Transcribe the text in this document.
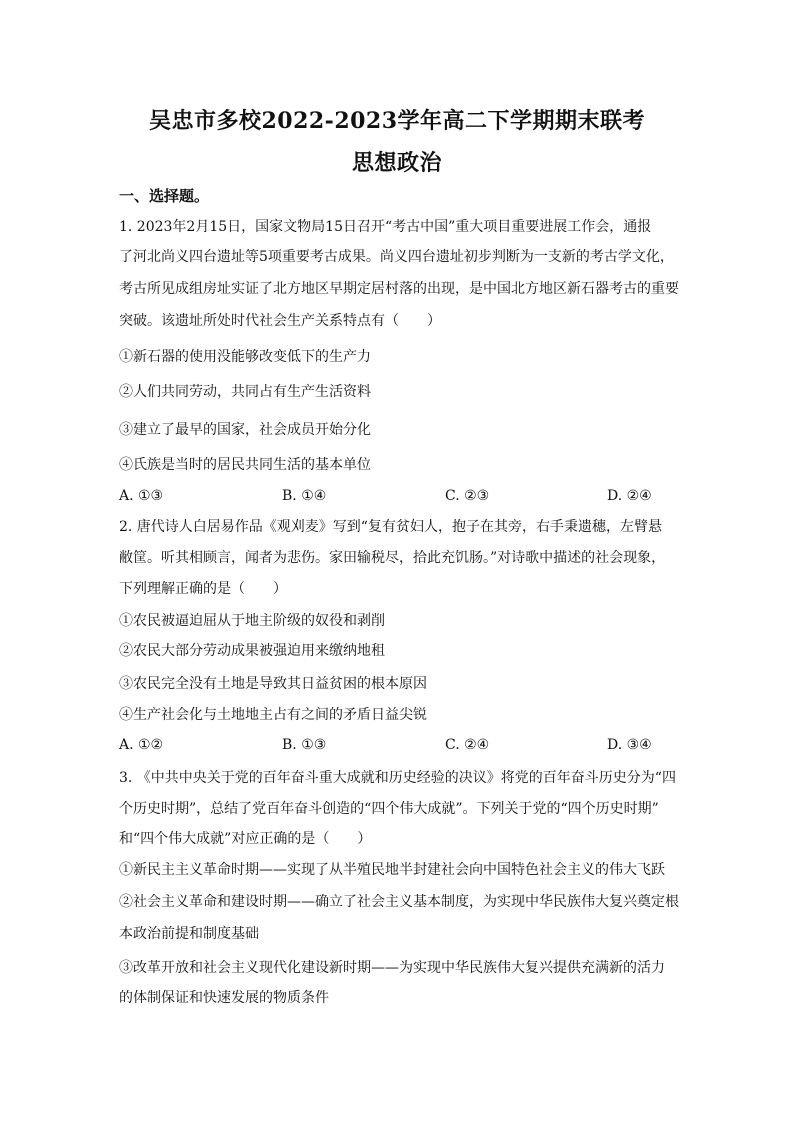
吴忠市多校2022-2023学年高二下学期期末联考
思想政治
一、选择题。
1. 2023年2月15日，国家文物局15日召开“考古中国”重大项目重要进展工作会，通报
了河北尚义四台遗址等5项重要考古成果。尚义四台遗址初步判断为一支新的考古学文化，
考古所见成组房址实证了北方地区早期定居村落的出现，是中国北方地区新石器考古的重要
突破。该遗址所处时代社会生产关系特点有（　　）
①新石器的使用没能够改变低下的生产力
②人们共同劳动，共同占有生产生活资料
③建立了最早的国家，社会成员开始分化
④氏族是当时的居民共同生活的基本单位
A. ①③	B. ①④	C. ②③	D. ②④
2. 唐代诗人白居易作品《观刈麦》写到“复有贫妇人，抱子在其旁，右手秉遗穗，左臂悬
敝筐。听其相顾言，闻者为悲伤。家田输税尽，拾此充饥肠。”对诗歌中描述的社会现象，
下列理解正确的是（　　）
①农民被逼迫屈从于地主阶级的奴役和剥削
②农民大部分劳动成果被强迫用来缴纳地租
③农民完全没有土地是导致其日益贫困的根本原因
④生产社会化与土地地主占有之间的矛盾日益尖锐
A. ①②	B. ①③	C. ②④	D. ③④
3. 《中共中央关于党的百年奋斗重大成就和历史经验的决议》将党的百年奋斗历史分为“四
个历史时期”，总结了党百年奋斗创造的“四个伟大成就”。下列关于党的“四个历史时期”
和“四个伟大成就”对应正确的是（　　）
①新民主主义革命时期——实现了从半殖民地半封建社会向中国特色社会主义的伟大飞跃
②社会主义革命和建设时期——确立了社会主义基本制度，为实现中华民族伟大复兴奠定根
本政治前提和制度基础
③改革开放和社会主义现代化建设新时期——为实现中华民族伟大复兴提供充满新的活力
的体制保证和快速发展的物质条件
